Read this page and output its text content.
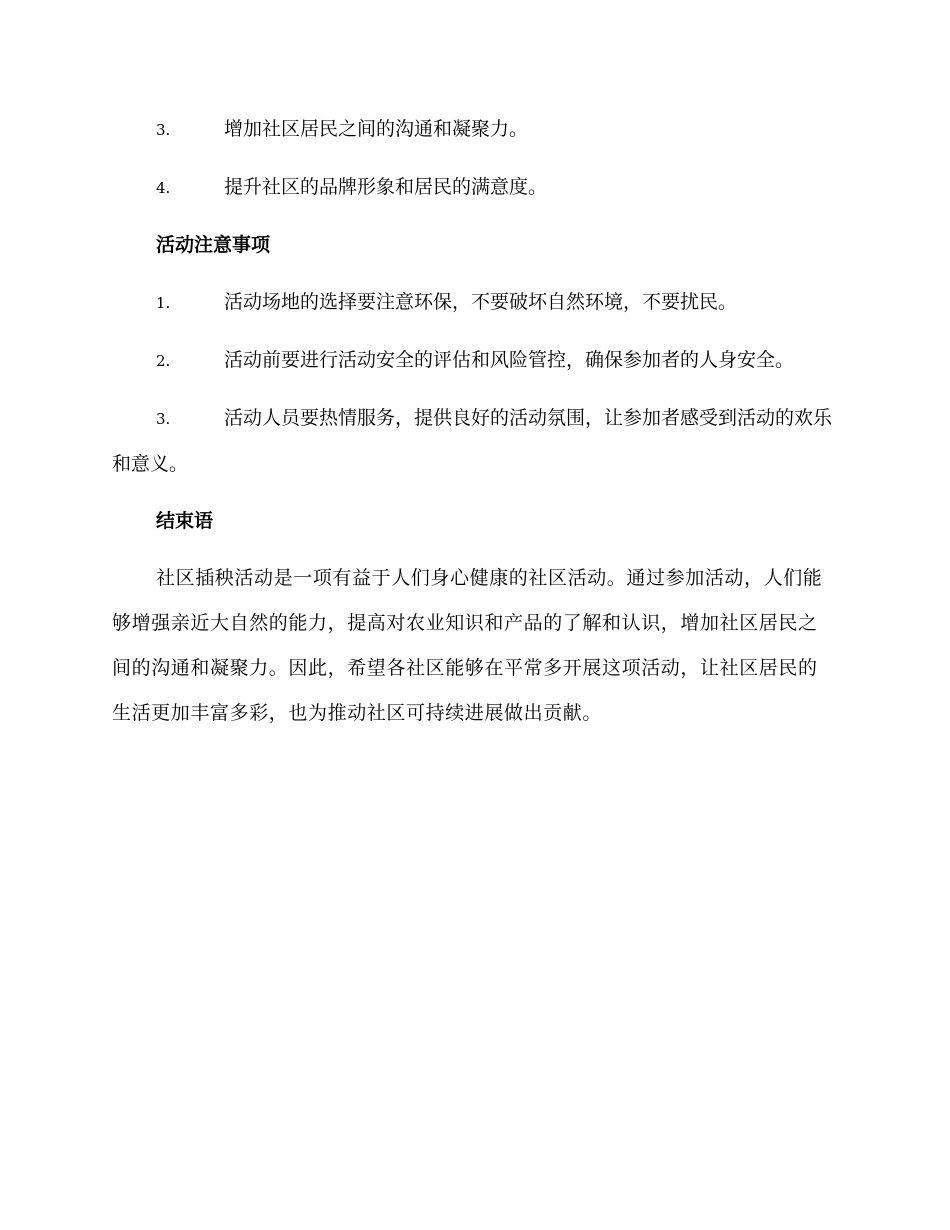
3.	增加社区居民之间的沟通和凝聚力。
4.	提升社区的品牌形象和居民的满意度。
活动注意事项
1.	活动场地的选择要注意环保，不要破坏自然环境，不要扰民。
2.	活动前要进行活动安全的评估和风险管控，确保参加者的人身安全。
3.	活动人员要热情服务，提供良好的活动氛围，让参加者感受到活动的欢乐和意义。
结束语

社区插秧活动是一项有益于人们身心健康的社区活动。通过参加活动，人们能够增强亲近大自然的能力，提高对农业知识和产品的了解和认识，增加社区居民之间的沟通和凝聚力。因此，希望各社区能够在平常多开展这项活动，让社区居民的生活更加丰富多彩，也为推动社区可持续进展做出贡献。
